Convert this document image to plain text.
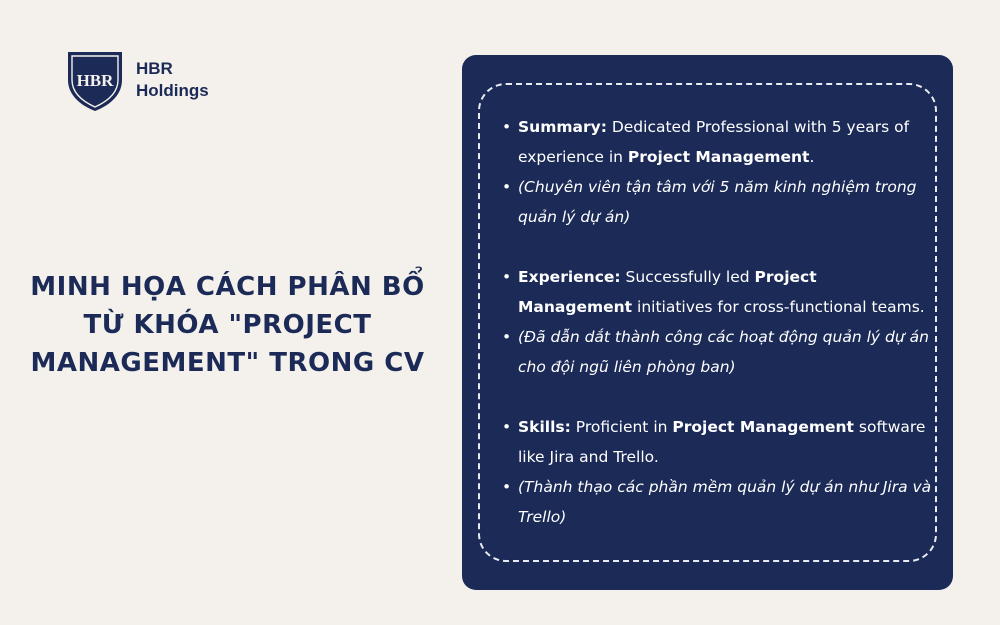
HBR
HBR
Holdings
MINH HỌA CÁCH PHÂN BỔ
TỪ KHÓA "PROJECT
MANAGEMENT" TRONG CV
• Summary: Dedicated Professional with 5 years of experience in Project Management.
• (Chuyên viên tận tâm với 5 năm kinh nghiệm trong quản lý dự án)
• Experience: Successfully led Project Management initiatives for cross-functional teams.
• (Đã dẫn dắt thành công các hoạt động quản lý dự án cho đội ngũ liên phòng ban)
• Skills: Proficient in Project Management software like Jira and Trello.
• (Thành thạo các phần mềm quản lý dự án như Jira và Trello)
